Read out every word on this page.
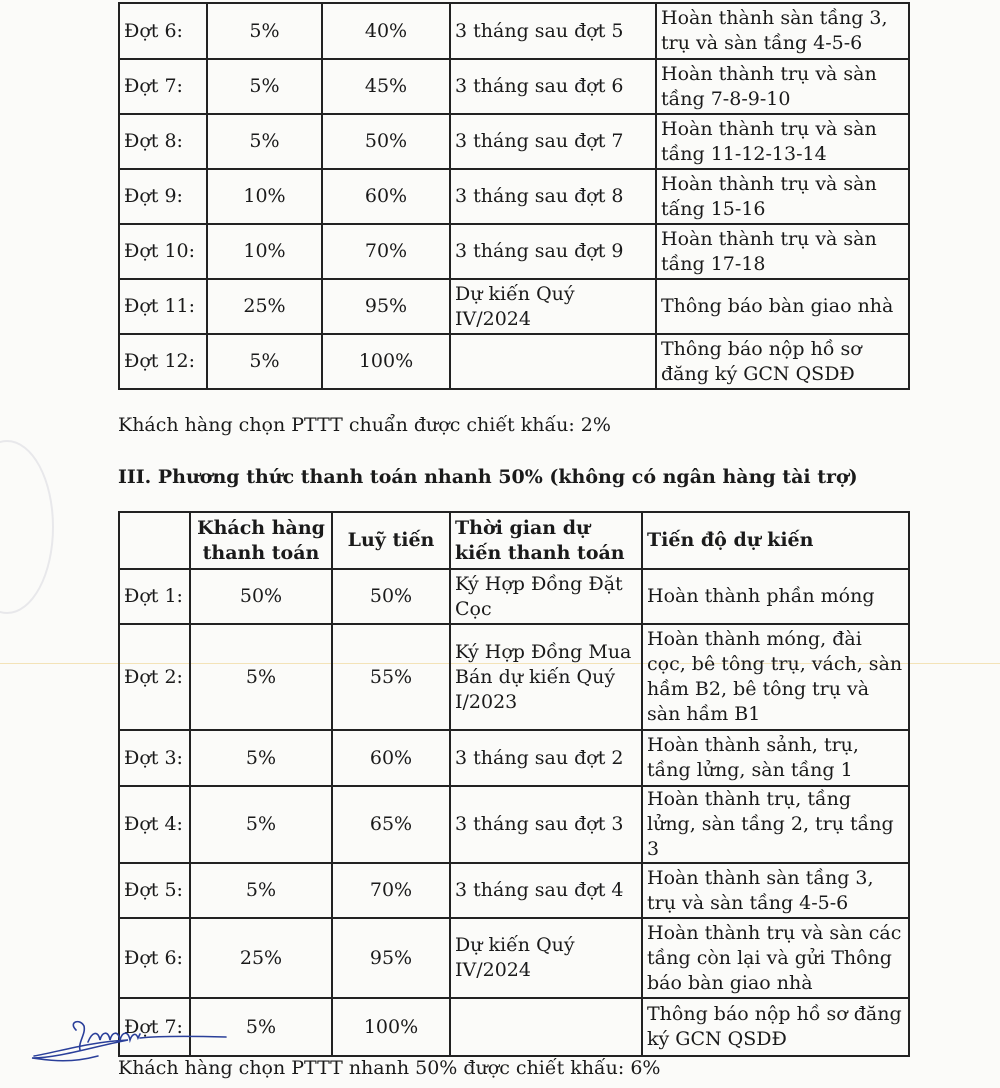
Đợt 6:	5%	40%	3 tháng sau đợt 5	Hoàn thành sàn tầng 3, trụ và sàn tầng 4-5-6
Đợt 7:	5%	45%	3 tháng sau đợt 6	Hoàn thành trụ và sàn tầng 7-8-9-10
Đợt 8:	5%	50%	3 tháng sau đợt 7	Hoàn thành trụ và sàn tầng 11-12-13-14
Đợt 9:	10%	60%	3 tháng sau đợt 8	Hoàn thành trụ và sàn tấng 15-16
Đợt 10:	10%	70%	3 tháng sau đợt 9	Hoàn thành trụ và sàn tầng 17-18
Đợt 11:	25%	95%	Dự kiến Quý IV/2024	Thông báo bàn giao nhà
Đợt 12:	5%	100%		Thông báo nộp hồ sơ đăng ký GCN QSDĐ
Khách hàng chọn PTTT chuẩn được chiết khấu: 2%
III. Phương thức thanh toán nhanh 50% (không có ngân hàng tài trợ)
	Khách hàng thanh toán	Luỹ tiến	Thời gian dự kiến thanh toán	Tiến độ dự kiến
Đợt 1:	50%	50%	Ký Hợp Đồng Đặt Cọc	Hoàn thành phần móng
Đợt 2:	5%	55%	Ký Hợp Đồng Mua Bán dự kiến Quý I/2023	Hoàn thành móng, đài cọc, bê tông trụ, vách, sàn hầm B2, bê tông trụ và sàn hầm B1
Đợt 3:	5%	60%	3 tháng sau đợt 2	Hoàn thành sảnh, trụ, tầng lửng, sàn tầng 1
Đợt 4:	5%	65%	3 tháng sau đợt 3	Hoàn thành trụ, tầng lửng, sàn tầng 2, trụ tầng 3
Đợt 5:	5%	70%	3 tháng sau đợt 4	Hoàn thành sàn tầng 3, trụ và sàn tầng 4-5-6
Đợt 6:	25%	95%	Dự kiến Quý IV/2024	Hoàn thành trụ và sàn các tầng còn lại và gửi Thông báo bàn giao nhà
Đợt 7:	5%	100%		Thông báo nộp hồ sơ đăng ký GCN QSDĐ
Khách hàng chọn PTTT nhanh 50% được chiết khấu: 6%
